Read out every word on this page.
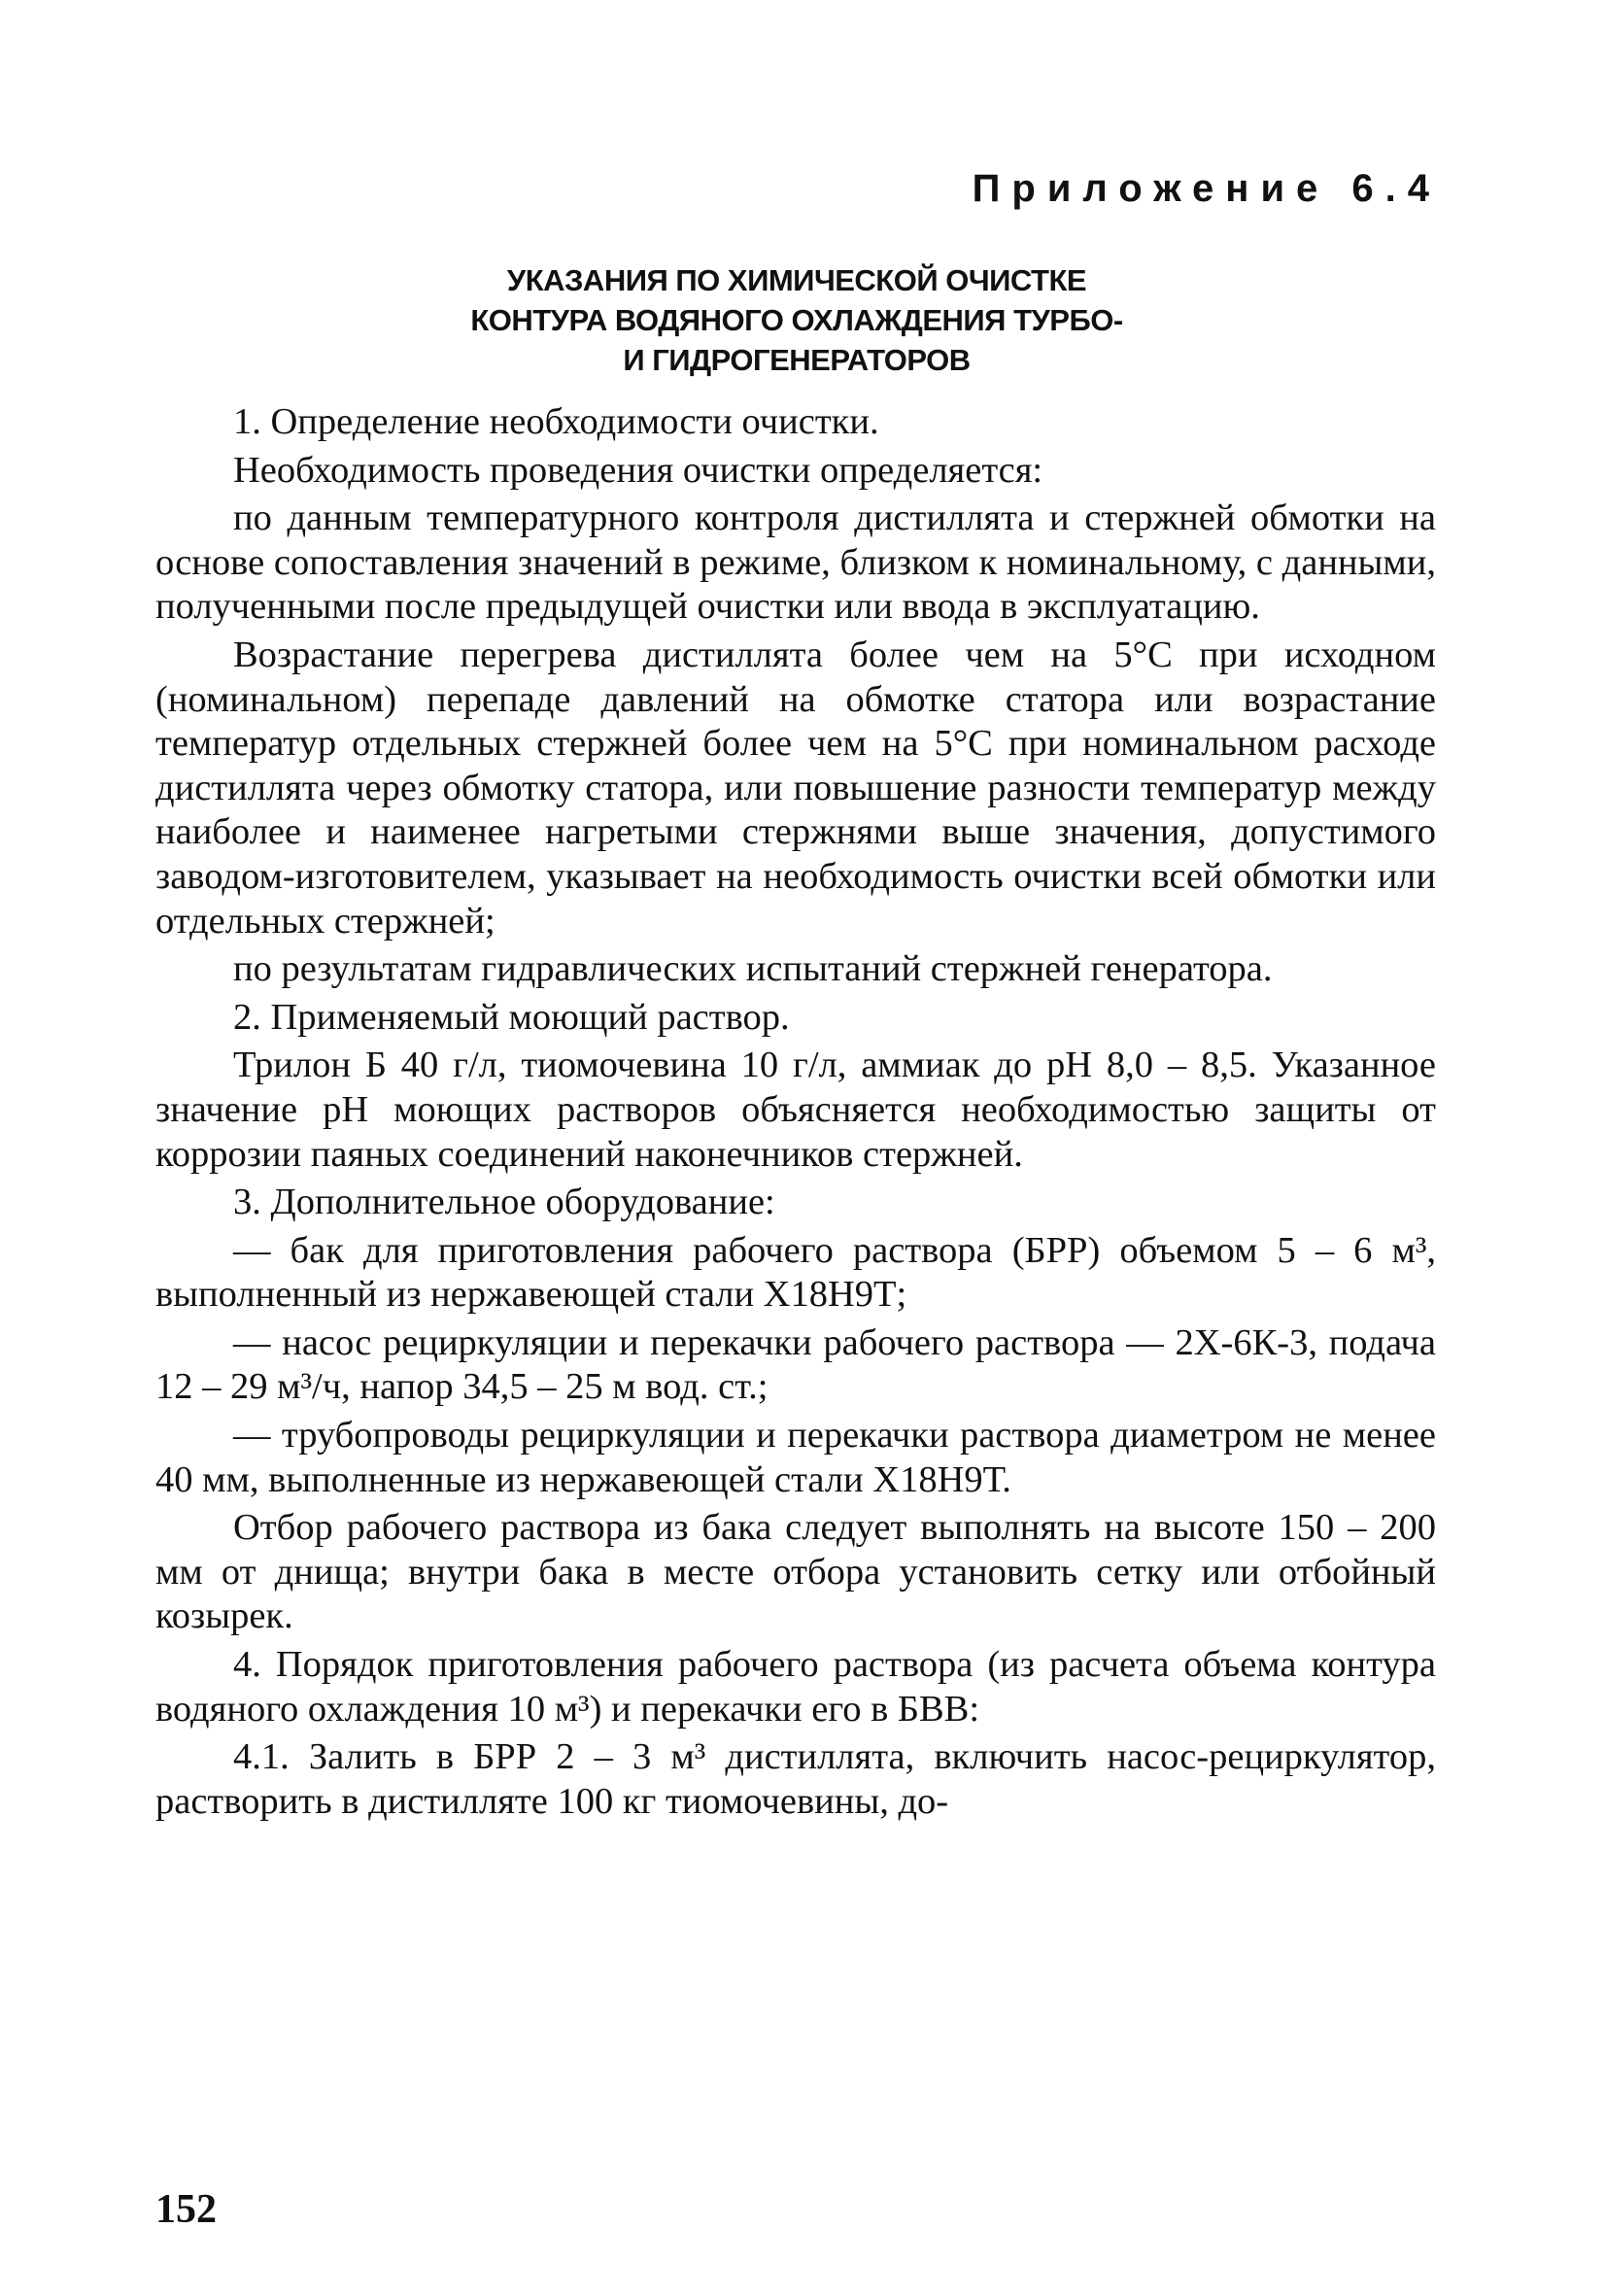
Приложение 6.4
УКАЗАНИЯ ПО ХИМИЧЕСКОЙ ОЧИСТКЕ
КОНТУРА ВОДЯНОГО ОХЛАЖДЕНИЯ ТУРБО-
И ГИДРОГЕНЕРАТОРОВ

1. Определение необходимости очистки.

Необходимость проведения очистки определяется:

по данным температурного контроля дистиллята и стержней обмотки на основе сопоставления значений в режиме, близком к номинальному, с данными, полученными после предыдущей очистки или ввода в эксплуатацию.

Возрастание перегрева дистиллята более чем на 5°С при исходном (номинальном) перепаде давлений на обмотке статора или возрастание температур отдельных стержней более чем на 5°С при номинальном расходе дистиллята через обмотку статора, или повышение разности температур между наиболее и наименее нагретыми стержнями выше значения, допустимого заводом-изготовителем, указывает на необходимость очистки всей обмотки или отдельных стержней;

по результатам гидравлических испытаний стержней генератора.

2. Применяемый моющий раствор.

Трилон Б 40 г/л, тиомочевина 10 г/л, аммиак до рН 8,0 – 8,5. Указанное значение рН моющих растворов объясняется необходимостью защиты от коррозии паяных соединений наконечников стержней.

3. Дополнительное оборудование:

— бак для приготовления рабочего раствора (БРР) объемом 5 – 6 м³, выполненный из нержавеющей стали Х18Н9Т;

— насос рециркуляции и перекачки рабочего раствора — 2Х-6К-3, подача 12 – 29 м³/ч, напор 34,5 – 25 м вод. ст.;

— трубопроводы рециркуляции и перекачки раствора диаметром не менее 40 мм, выполненные из нержавеющей стали Х18Н9Т.

Отбор рабочего раствора из бака следует выполнять на высоте 150 – 200 мм от днища; внутри бака в месте отбора установить сетку или отбойный козырек.

4. Порядок приготовления рабочего раствора (из расчета объема контура водяного охлаждения 10 м³) и перекачки его в БВВ:

4.1. Залить в БРР 2 – 3 м³ дистиллята, включить насос-рециркулятор, растворить в дистилляте 100 кг тиомочевины, до-

152
